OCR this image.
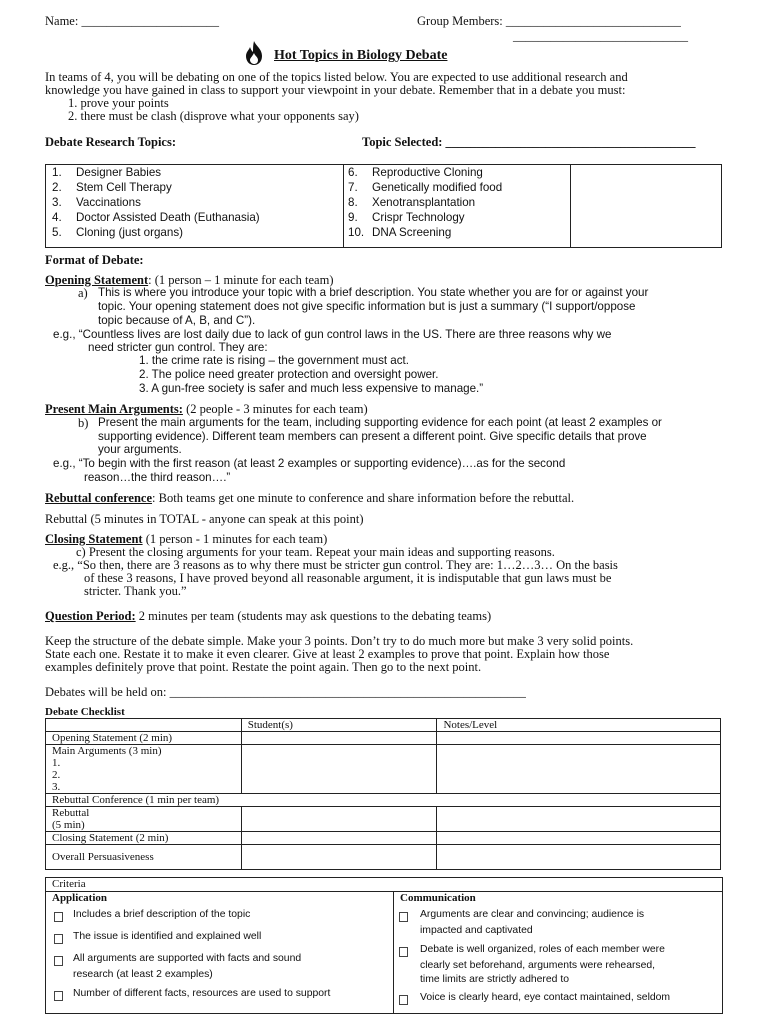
Name: ______________________	Group Members: ____________________________
____________________________
Hot Topics in Biology Debate
In teams of 4, you will be debating on one of the topics listed below. You are expected to use additional research and
knowledge you have gained in class to support your viewpoint in your debate. Remember that in a debate you must:
1. prove your points
2. there must be clash (disprove what your opponents say)
Debate Research Topics:	Topic Selected: ________________________________________
1. Designer Babies
2. Stem Cell Therapy
3. Vaccinations
4. Doctor Assisted Death (Euthanasia)
5. Cloning (just organs)
6. Reproductive Cloning
7. Genetically modified food
8. Xenotransplantation
9. Crispr Technology
10. DNA Screening
Format of Debate:
Opening Statement: (1 person – 1 minute for each team)
a) This is where you introduce your topic with a brief description. You state whether you are for or against your
topic. Your opening statement does not give specific information but is just a summary (“I support/oppose
topic because of A, B, and C”).
e.g., “Countless lives are lost daily due to lack of gun control laws in the US. There are three reasons why we
need stricter gun control. They are:
1. the crime rate is rising – the government must act.
2. The police need greater protection and oversight power.
3. A gun-free society is safer and much less expensive to manage.”
Present Main Arguments: (2 people - 3 minutes for each team)
b) Present the main arguments for the team, including supporting evidence for each point (at least 2 examples or
supporting evidence). Different team members can present a different point. Give specific details that prove
your arguments.
e.g., “To begin with the first reason (at least 2 examples or supporting evidence)….as for the second
reason…the third reason….”
Rebuttal conference: Both teams get one minute to conference and share information before the rebuttal.
Rebuttal (5 minutes in TOTAL - anyone can speak at this point)
Closing Statement (1 person - 1 minutes for each team)
c) Present the closing arguments for your team. Repeat your main ideas and supporting reasons.
e.g., “So then, there are 3 reasons as to why there must be stricter gun control. They are: 1…2…3… On the basis
of these 3 reasons, I have proved beyond all reasonable argument, it is indisputable that gun laws must be
stricter. Thank you.”
Question Period: 2 minutes per team (students may ask questions to the debating teams)
Keep the structure of the debate simple. Make your 3 points. Don’t try to do much more but make 3 very solid points.
State each one. Restate it to make it even clearer. Give at least 2 examples to prove that point. Explain how those
examples definitely prove that point. Restate the point again. Then go to the next point.
Debates will be held on: _________________________________________________________
Debate Checklist
	Student(s)	Notes/Level
Opening Statement (2 min)		

Main Arguments (3 min)
1.
2.
3.		

Rebuttal Conference (1 min per team)		

Rebuttal
(5 min)		

Closing Statement (2 min)		
Overall Persuasiveness		
Criteria
Application	Communication
Includes a brief description of the topic
The issue is identified and explained well
All arguments are supported with facts and sound
research (at least 2 examples)
Number of different facts, resources are used to support
Arguments are clear and convincing; audience is
impacted and captivated
Debate is well organized, roles of each member were
clearly set beforehand, arguments were rehearsed,
time limits are strictly adhered to
Voice is clearly heard, eye contact maintained, seldom
